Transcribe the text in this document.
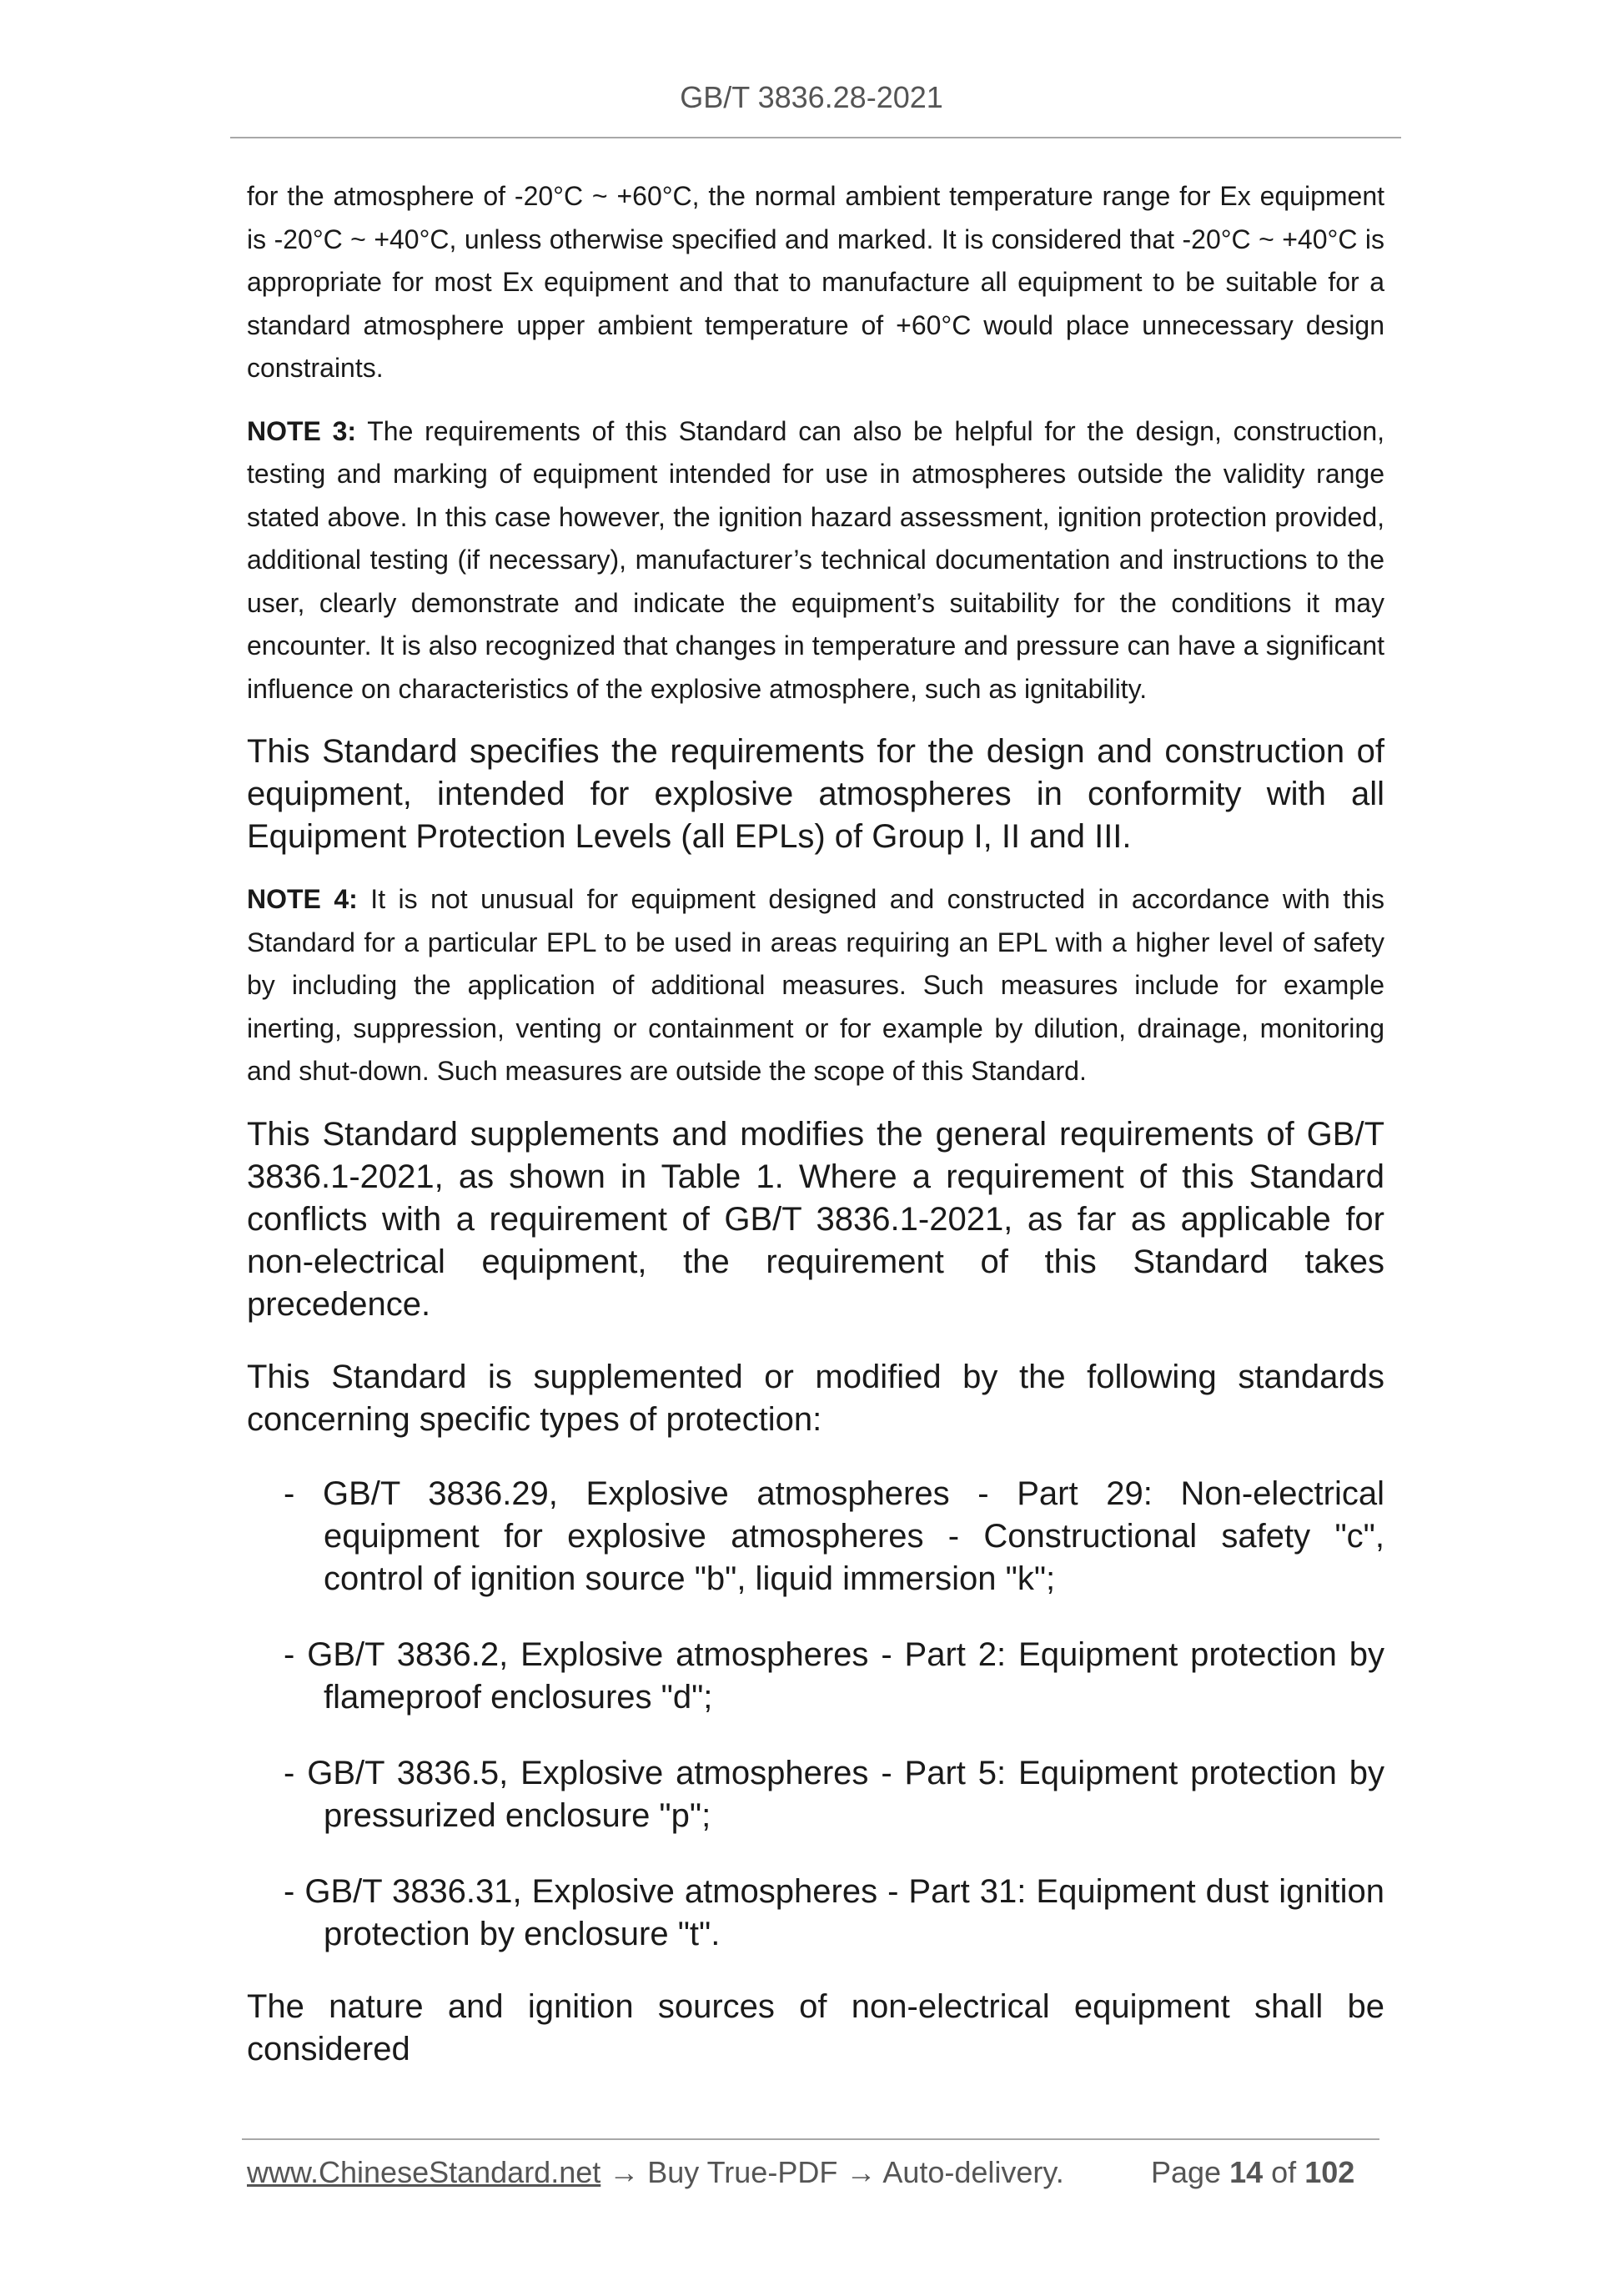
GB/T 3836.28-2021

for the atmosphere of -20°C ~ +60°C, the normal ambient temperature range for Ex equipment is -20°C ~ +40°C, unless otherwise specified and marked. It is considered that -20°C ~ +40°C is appropriate for most Ex equipment and that to manufacture all equipment to be suitable for a standard atmosphere upper ambient temperature of +60°C would place unnecessary design constraints.

NOTE 3: The requirements of this Standard can also be helpful for the design, construction, testing and marking of equipment intended for use in atmospheres outside the validity range stated above. In this case however, the ignition hazard assessment, ignition protection provided, additional testing (if necessary), manufacturer’s technical documentation and instructions to the user, clearly demonstrate and indicate the equipment’s suitability for the conditions it may encounter. It is also recognized that changes in temperature and pressure can have a significant influence on characteristics of the explosive atmosphere, such as ignitability.

This Standard specifies the requirements for the design and construction of equipment, intended for explosive atmospheres in conformity with all Equipment Protection Levels (all EPLs) of Group I, II and III.

NOTE 4: It is not unusual for equipment designed and constructed in accordance with this Standard for a particular EPL to be used in areas requiring an EPL with a higher level of safety by including the application of additional measures. Such measures include for example inerting, suppression, venting or containment or for example by dilution, drainage, monitoring and shut-down. Such measures are outside the scope of this Standard.

This Standard supplements and modifies the general requirements of GB/T 3836.1-2021, as shown in Table 1. Where a requirement of this Standard conflicts with a requirement of GB/T 3836.1-2021, as far as applicable for non-electrical equipment, the requirement of this Standard takes precedence.

This Standard is supplemented or modified by the following standards concerning specific types of protection:

- GB/T 3836.29, Explosive atmospheres - Part 29: Non-electrical equipment for explosive atmospheres - Constructional safety "c", control of ignition source "b", liquid immersion "k";

- GB/T 3836.2, Explosive atmospheres - Part 2: Equipment protection by flameproof enclosures "d";

- GB/T 3836.5, Explosive atmospheres - Part 5: Equipment protection by pressurized enclosure "p";

- GB/T 3836.31, Explosive atmospheres - Part 31: Equipment dust ignition protection by enclosure "t".

The nature and ignition sources of non-electrical equipment shall be considered

www.ChineseStandard.net → Buy True-PDF → Auto-delivery.	Page 14 of 102
